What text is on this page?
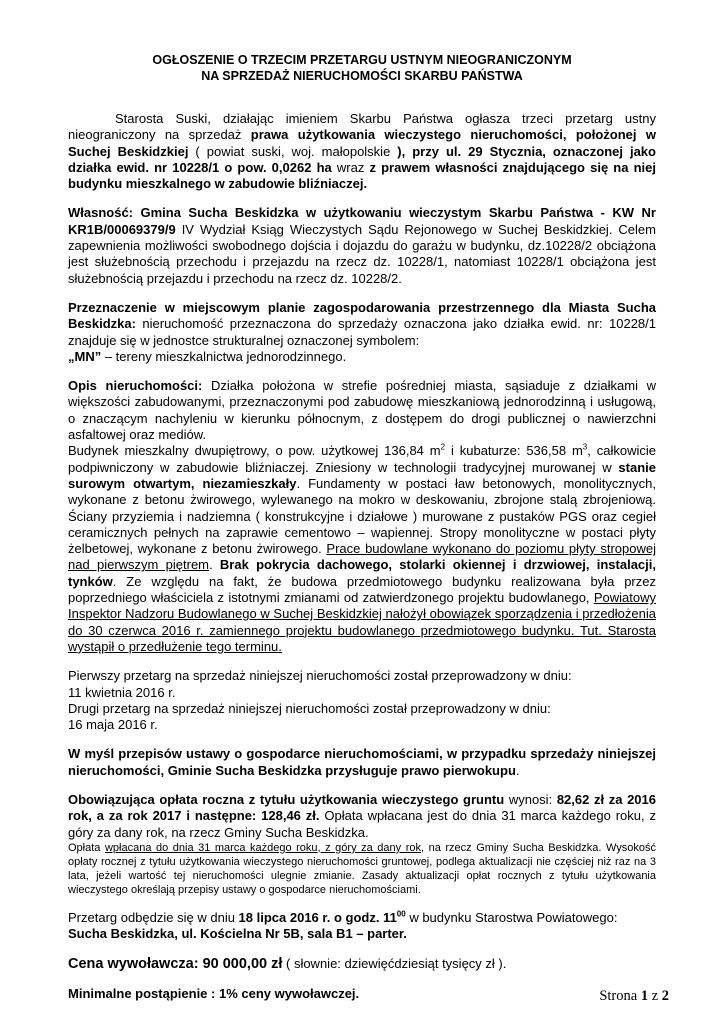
OGŁOSZENIE O TRZECIM PRZETARGU USTNYM NIEOGRANICZONYM
NA SPRZEDAŻ NIERUCHOMOŚCI SKARBU PAŃSTWA

Starosta Suski, działając imieniem Skarbu Państwa ogłasza trzeci przetarg ustny nieograniczony na sprzedaż prawa użytkowania wieczystego nieruchomości, położonej w Suchej Beskidzkiej ( powiat suski, woj. małopolskie ), przy ul. 29 Stycznia, oznaczonej jako działka ewid. nr 10228/1 o pow. 0,0262 ha wraz z prawem własności znajdującego się na niej budynku mieszkalnego w zabudowie bliźniaczej.

Własność: Gmina Sucha Beskidzka w użytkowaniu wieczystym Skarbu Państwa - KW Nr KR1B/00069379/9 IV Wydział Ksiąg Wieczystych Sądu Rejonowego w Suchej Beskidzkiej. Celem zapewnienia możliwości swobodnego dojścia i dojazdu do garażu w budynku, dz.10228/2 obciążona jest służebnością przechodu i przejazdu na rzecz dz. 10228/1, natomiast 10228/1 obciążona jest służebnością przejazdu i przechodu na rzecz dz. 10228/2.

Przeznaczenie w miejscowym planie zagospodarowania przestrzennego dla Miasta Sucha Beskidzka: nieruchomość przeznaczona do sprzedaży oznaczona jako działka ewid. nr: 10228/1 znajduje się w jednostce strukturalnej oznaczonej symbolem:
„MN” – tereny mieszkalnictwa jednorodzinnego.

Opis nieruchomości: Działka położona w strefie pośredniej miasta, sąsiaduje z działkami w większości zabudowanymi, przeznaczonymi pod zabudowę mieszkaniową jednorodzinną i usługową, o znaczącym nachyleniu w kierunku północnym, z dostępem do drogi publicznej o nawierzchni asfaltowej oraz mediów.

Budynek mieszkalny dwupiętrowy, o pow. użytkowej 136,84 $m^2$ i kubaturze: 536,58 $m^3$, całkowicie podpiwniczony w zabudowie bliźniaczej. Zniesiony w technologii tradycyjnej murowanej w stanie surowym otwartym, niezamieszkały. Fundamenty w postaci ław betonowych, monolitycznych, wykonane z betonu żwirowego, wylewanego na mokro w deskowaniu, zbrojone stalą zbrojeniową. Ściany przyziemia i nadziemna ( konstrukcyjne i działowe ) murowane z pustaków PGS oraz cegieł ceramicznych pełnych na zaprawie cementowo – wapiennej. Stropy monolityczne w postaci płyty żelbetowej, wykonane z betonu żwirowego. Prace budowlane wykonano do poziomu płyty stropowej nad pierwszym piętrem. Brak pokrycia dachowego, stolarki okiennej i drzwiowej, instalacji, tynków. Ze względu na fakt, że budowa przedmiotowego budynku realizowana była przez poprzedniego właściciela z istotnymi zmianami od zatwierdzonego projektu budowlanego, Powiatowy Inspektor Nadzoru Budowlanego w Suchej Beskidzkiej nałożył obowiązek sporządzenia i przedłożenia do 30 czerwca 2016 r. zamiennego projektu budowlanego przedmiotowego budynku. Tut. Starosta wystąpił o przedłużenie tego terminu.

Pierwszy przetarg na sprzedaż niniejszej nieruchomości został przeprowadzony w dniu:
11 kwietnia 2016 r.
Drugi przetarg na sprzedaż niniejszej nieruchomości został przeprowadzony w dniu:
16 maja 2016 r.

W myśl przepisów ustawy o gospodarce nieruchomościami, w przypadku sprzedaży niniejszej nieruchomości, Gminie Sucha Beskidzka przysługuje prawo pierwokupu.

Obowiązująca opłata roczna z tytułu użytkowania wieczystego gruntu wynosi: 82,62 zł za 2016 rok, a za rok 2017 i następne: 128,46 zł. Opłata wpłacana jest do dnia 31 marca każdego roku, z góry za dany rok, na rzecz Gminy Sucha Beskidzka.

Opłata wpłacana do dnia 31 marca każdego roku, z góry za dany rok, na rzecz Gminy Sucha Beskidzka. Wysokość opłaty rocznej z tytułu użytkowania wieczystego nieruchomości gruntowej, podlega aktualizacji nie częściej niż raz na 3 lata, jeżeli wartość tej nieruchomości ulegnie zmianie. Zasady aktualizacji opłat rocznych z tytułu użytkowania wieczystego określają przepisy ustawy o gospodarce nieruchomościami.

Przetarg odbędzie się w dniu 18 lipca 2016 r. o godz. $11^{00}$ w budynku Starostwa Powiatowego:
Sucha Beskidzka, ul. Kościelna Nr 5B, sala B1 – parter.

Cena wywoławcza: 90 000,00 zł ( słownie: dziewięćdziesiąt tysięcy zł ).

Minimalne postąpienie : 1% ceny wywoławczej.	Strona 1 z 2
